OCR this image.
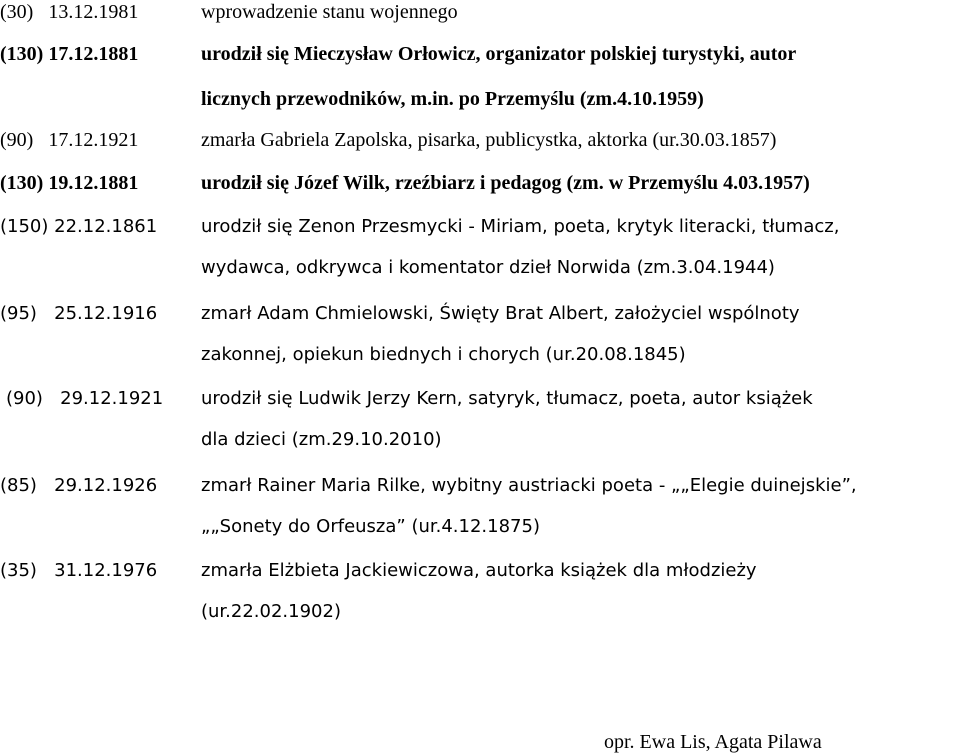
(30) 13.12.1981	wprowadzenie stanu wojennego
(130) 17.12.1881	urodził się Mieczysław Orłowicz, organizator polskiej turystyki, autor
licznych przewodników, m.in. po Przemyślu (zm.4.10.1959)
(90) 17.12.1921	zmarła Gabriela Zapolska, pisarka, publicystka, aktorka (ur.30.03.1857)
(130) 19.12.1881	urodził się Józef Wilk, rzeźbiarz i pedagog (zm. w Przemyślu 4.03.1957)
(150) 22.12.1861 urodził się Zenon Przesmycki - Miriam, poeta, krytyk literacki, tłumacz,
wydawca, odkrywca i komentator dzieł Norwida (zm.3.04.1944)
(95) 25.12.1916 zmarł Adam Chmielowski, Święty Brat Albert, założyciel wspólnoty
zakonnej, opiekun biednych i chorych (ur.20.08.1845)
(90) 29.12.1921 urodził się Ludwik Jerzy Kern, satyryk, tłumacz, poeta, autor książek
dla dzieci (zm.29.10.2010)
(85) 29.12.1926 zmarł Rainer Maria Rilke, wybitny austriacki poeta - „„Elegie duinejskie”,
„„Sonety do Orfeusza” (ur.4.12.1875)
(35) 31.12.1976 zmarła Elżbieta Jackiewiczowa, autorka książek dla młodzieży
(ur.22.02.1902)
opr. Ewa Lis, Agata Pilawa
